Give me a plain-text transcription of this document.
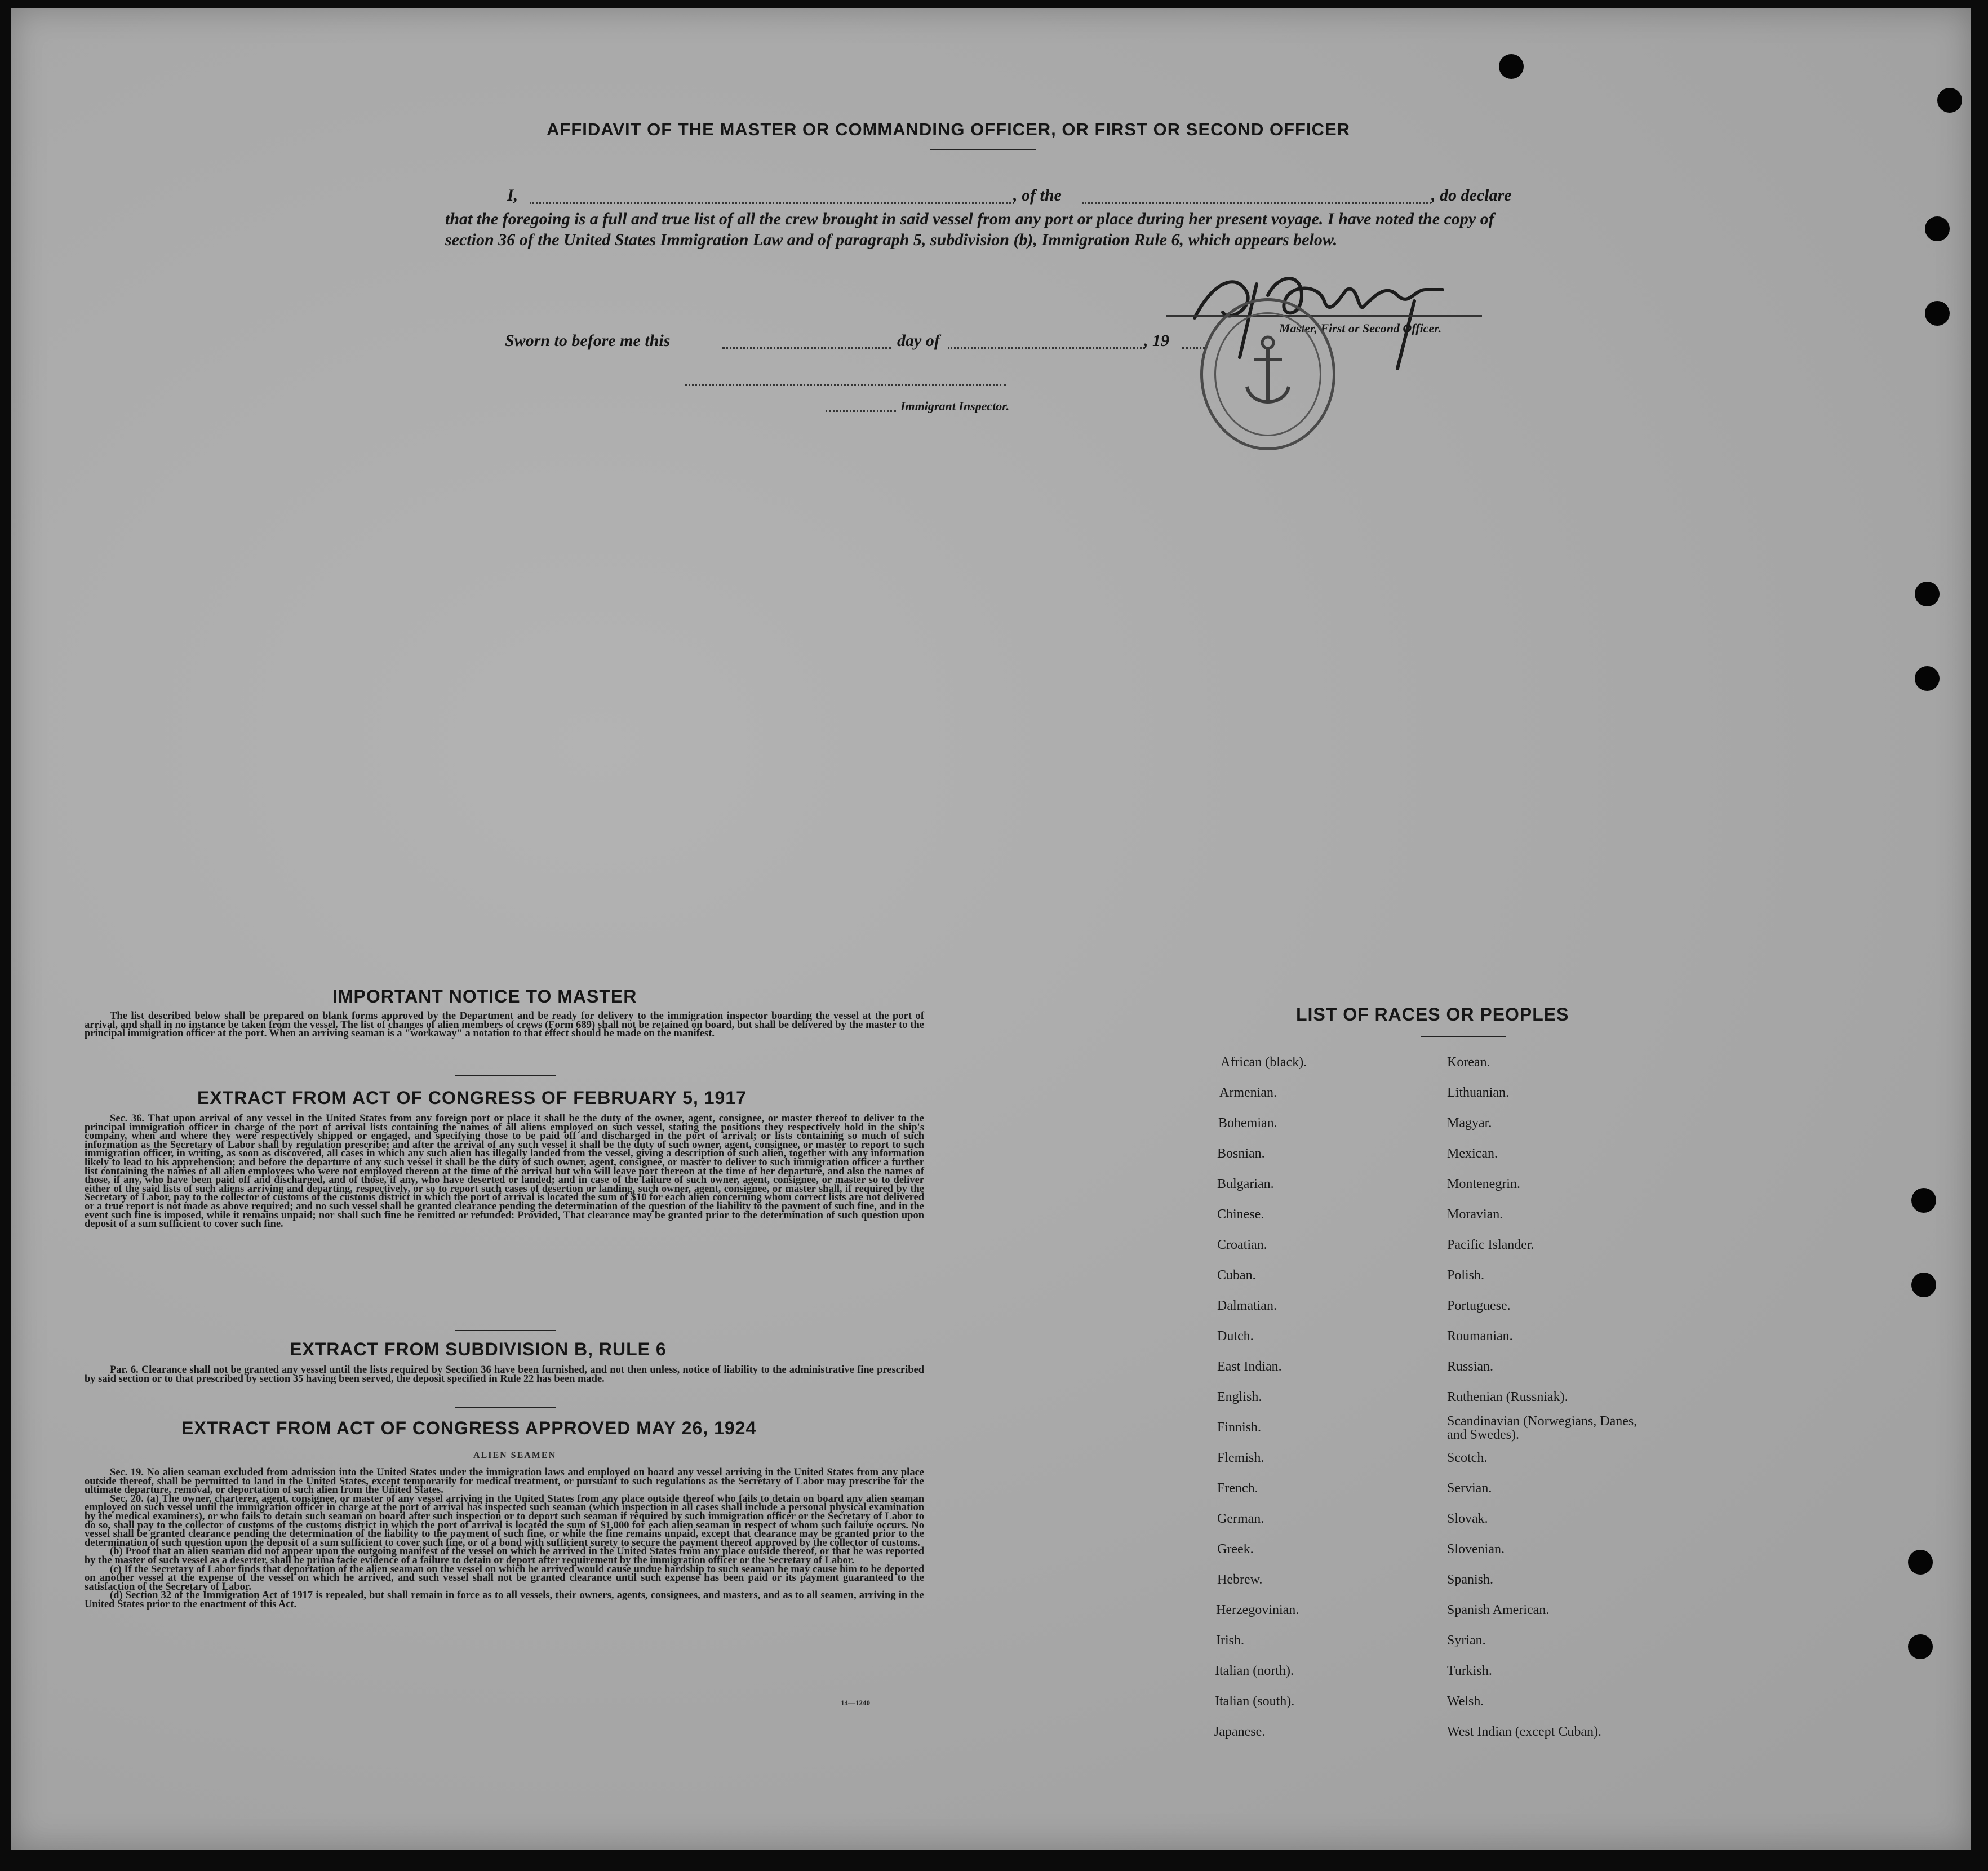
AFFIDAVIT OF THE MASTER OR COMMANDING OFFICER, OR FIRST OR SECOND OFFICER
I,	, of the	, do declare
that the foregoing is a full and true list of all the crew brought in said vessel from any port or place during her present voyage. I have noted the copy of section 36 of the United States Immigration Law and of paragraph 5, subdivision (b), Immigration Rule 6, which appears below.
Master, First or Second Officer.
Sworn to before me this	day of	, 19
Immigrant Inspector.
IMPORTANT NOTICE TO MASTER

The list described below shall be prepared on blank forms approved by the Department and be ready for delivery to the immigration inspector boarding the vessel at the port of arrival, and shall in no instance be taken from the vessel. The list of changes of alien members of crews (Form 689) shall not be retained on board, but shall be delivered by the master to the principal immigration officer at the port. When an arriving seaman is a "workaway" a notation to that effect should be made on the manifest.

EXTRACT FROM ACT OF CONGRESS OF FEBRUARY 5, 1917

Sec. 36. That upon arrival of any vessel in the United States from any foreign port or place it shall be the duty of the owner, agent, consignee, or master thereof to deliver to the principal immigration officer in charge of the port of arrival lists containing the names of all aliens employed on such vessel, stating the positions they respectively hold in the ship's company, when and where they were respectively shipped or engaged, and specifying those to be paid off and discharged in the port of arrival; or lists containing so much of such information as the Secretary of Labor shall by regulation prescribe; and after the arrival of any such vessel it shall be the duty of such owner, agent, consignee, or master to report to such immigration officer, in writing, as soon as discovered, all cases in which any such alien has illegally landed from the vessel, giving a description of such alien, together with any information likely to lead to his apprehension; and before the departure of any such vessel it shall be the duty of such owner, agent, consignee, or master to deliver to such immigration officer a further list containing the names of all alien employees who were not employed thereon at the time of the arrival but who will leave port thereon at the time of her departure, and also the names of those, if any, who have been paid off and discharged, and of those, if any, who have deserted or landed; and in case of the failure of such owner, agent, consignee, or master so to deliver either of the said lists of such aliens arriving and departing, respectively, or so to report such cases of desertion or landing, such owner, agent, consignee, or master shall, if required by the Secretary of Labor, pay to the collector of customs of the customs district in which the port of arrival is located the sum of $10 for each alien concerning whom correct lists are not delivered or a true report is not made as above required; and no such vessel shall be granted clearance pending the determination of the question of the liability to the payment of such fine, and in the event such fine is imposed, while it remains unpaid; nor shall such fine be remitted or refunded: Provided, That clearance may be granted prior to the determination of such question upon deposit of a sum sufficient to cover such fine.

EXTRACT FROM SUBDIVISION B, RULE 6

Par. 6. Clearance shall not be granted any vessel until the lists required by Section 36 have been furnished, and not then unless, notice of liability to the administrative fine prescribed by said section or to that prescribed by section 35 having been served, the deposit specified in Rule 22 has been made.

EXTRACT FROM ACT OF CONGRESS APPROVED MAY 26, 1924
ALIEN SEAMEN

Sec. 19. No alien seaman excluded from admission into the United States under the immigration laws and employed on board any vessel arriving in the United States from any place outside thereof, shall be permitted to land in the United States, except temporarily for medical treatment, or pursuant to such regulations as the Secretary of Labor may prescribe for the ultimate departure, removal, or deportation of such alien from the United States.

Sec. 20. (a) The owner, charterer, agent, consignee, or master of any vessel arriving in the United States from any place outside thereof who fails to detain on board any alien seaman employed on such vessel until the immigration officer in charge at the port of arrival has inspected such seaman (which inspection in all cases shall include a personal physical examination by the medical examiners), or who fails to detain such seaman on board after such inspection or to deport such seaman if required by such immigration officer or the Secretary of Labor to do so, shall pay to the collector of customs of the customs district in which the port of arrival is located the sum of $1,000 for each alien seaman in respect of whom such failure occurs. No vessel shall be granted clearance pending the determination of the liability to the payment of such fine, or while the fine remains unpaid, except that clearance may be granted prior to the determination of such question upon the deposit of a sum sufficient to cover such fine, or of a bond with sufficient surety to secure the payment thereof approved by the collector of customs.

(b) Proof that an alien seaman did not appear upon the outgoing manifest of the vessel on which he arrived in the United States from any place outside thereof, or that he was reported by the master of such vessel as a deserter, shall be prima facie evidence of a failure to detain or deport after requirement by the immigration officer or the Secretary of Labor.

(c) If the Secretary of Labor finds that deportation of the alien seaman on the vessel on which he arrived would cause undue hardship to such seaman he may cause him to be deported on another vessel at the expense of the vessel on which he arrived, and such vessel shall not be granted clearance until such expense has been paid or its payment guaranteed to the satisfaction of the Secretary of Labor.

(d) Section 32 of the Immigration Act of 1917 is repealed, but shall remain in force as to all vessels, their owners, agents, consignees, and masters, and as to all seamen, arriving in the United States prior to the enactment of this Act.

14—1240
LIST OF RACES OR PEOPLES
African (black).
Armenian.
Bohemian.
Bosnian.
Bulgarian.
Chinese.
Croatian.
Cuban.
Dalmatian.
Dutch.
East Indian.
English.
Finnish.
Flemish.
French.
German.
Greek.
Hebrew.
Herzegovinian.
Irish.
Italian (north).
Italian (south).
Japanese.
Korean.
Lithuanian.
Magyar.
Mexican.
Montenegrin.
Moravian.
Pacific Islander.
Polish.
Portuguese.
Roumanian.
Russian.
Ruthenian (Russniak).
Scandinavian (Norwegians, Danes, and Swedes).
Scotch.
Servian.
Slovak.
Slovenian.
Spanish.
Spanish American.
Syrian.
Turkish.
Welsh.
West Indian (except Cuban).
